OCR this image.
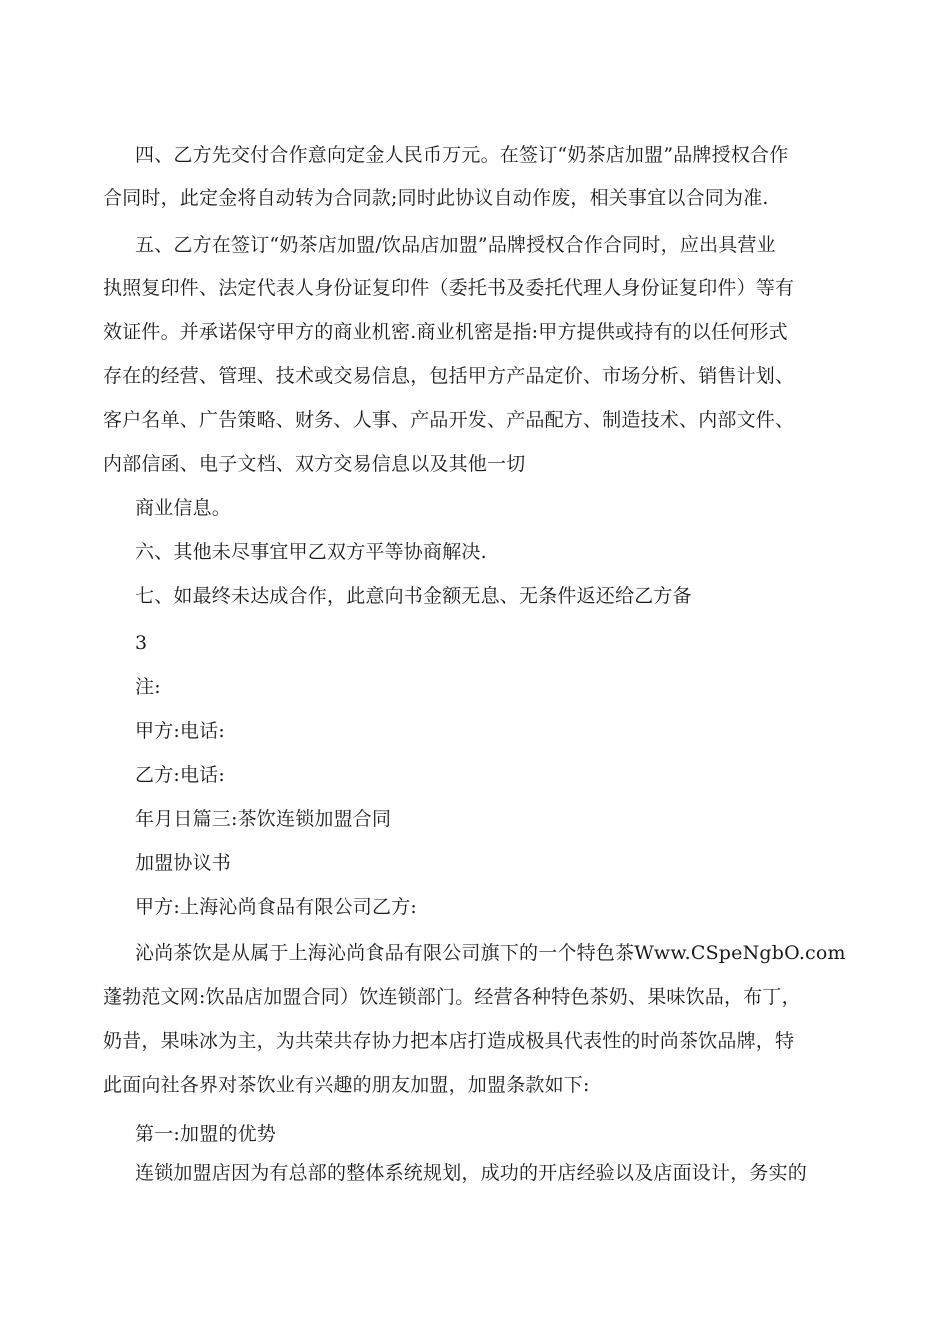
四、乙方先交付合作意向定金人民币万元。在签订“奶茶店加盟”品牌授权合作
合同时，此定金将自动转为合同款;同时此协议自动作废，相关事宜以合同为准.
五、乙方在签订“奶茶店加盟/饮品店加盟”品牌授权合作合同时，应出具营业
执照复印件、法定代表人身份证复印件（委托书及委托代理人身份证复印件）等有
效证件。并承诺保守甲方的商业机密.商业机密是指:甲方提供或持有的以任何形式
存在的经营、管理、技术或交易信息，包括甲方产品定价、市场分析、销售计划、
客户名单、广告策略、财务、人事、产品开发、产品配方、制造技术、内部文件、
内部信函、电子文档、双方交易信息以及其他一切
商业信息。
六、其他未尽事宜甲乙双方平等协商解决.
七、如最终未达成合作，此意向书金额无息、无条件返还给乙方备
3
注:
甲方:电话:
乙方:电话:
年月日篇三:茶饮连锁加盟合同
加盟协议书
甲方:上海沁尚食品有限公司乙方:
沁尚茶饮是从属于上海沁尚食品有限公司旗下的一个特色茶Www.CSpeNgbO.com
蓬勃范文网:饮品店加盟合同）饮连锁部门。经营各种特色茶奶、果味饮品，布丁，
奶昔，果味冰为主，为共荣共存协力把本店打造成极具代表性的时尚茶饮品牌，特
此面向社各界对茶饮业有兴趣的朋友加盟，加盟条款如下:
第一:加盟的优势
连锁加盟店因为有总部的整体系统规划，成功的开店经验以及店面设计，务实的
